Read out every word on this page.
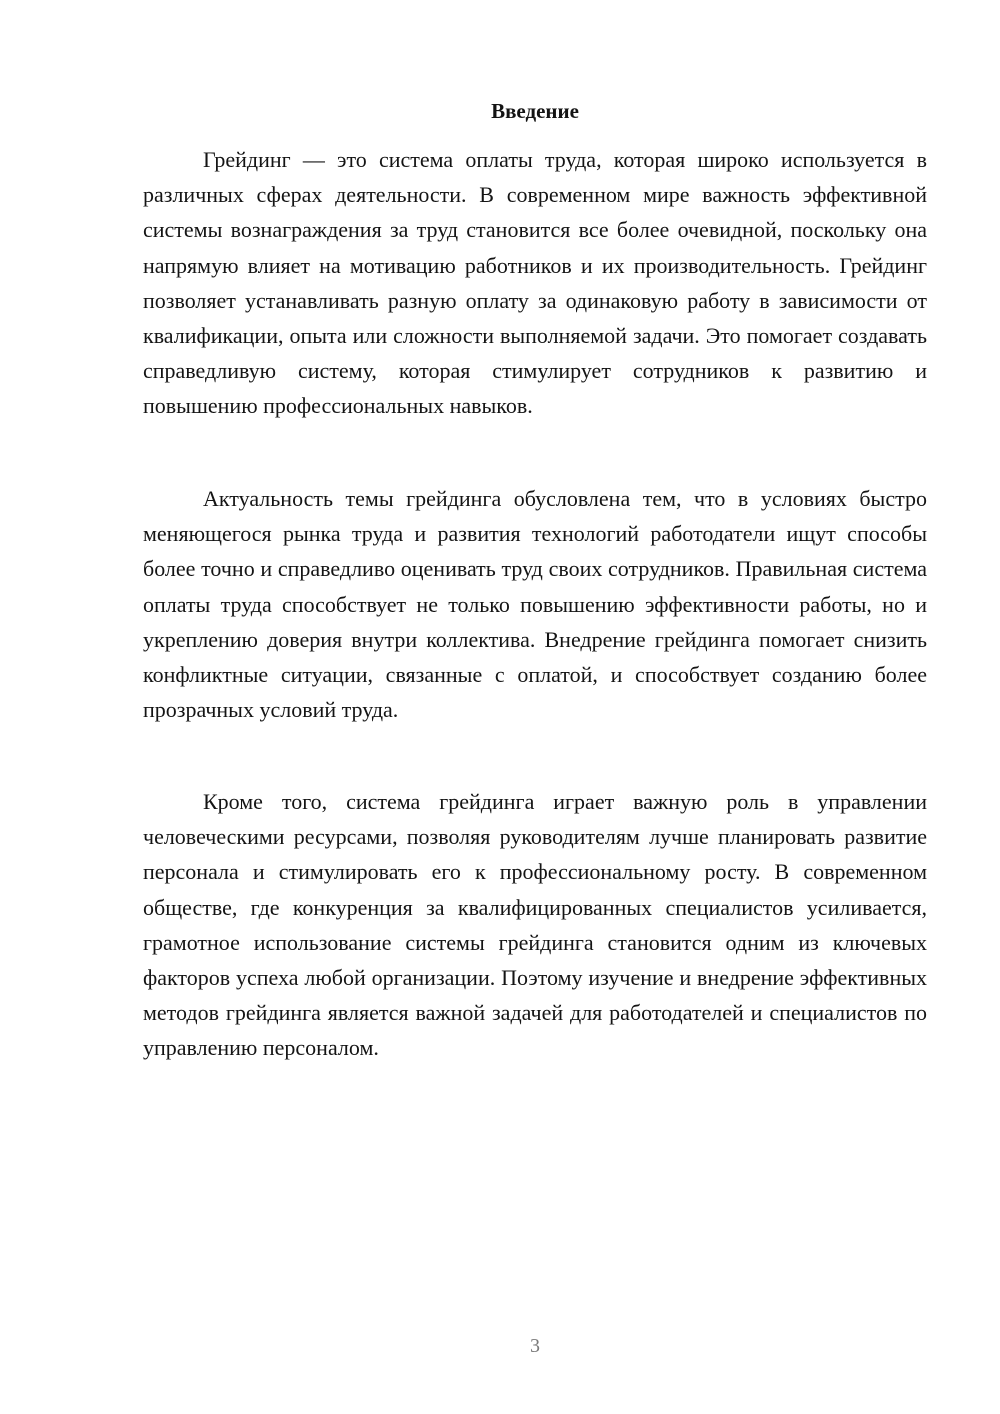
Введение

Грейдинг — это система оплаты труда, которая широко используется в различных сферах деятельности. В современном мире важность эффективной системы вознаграждения за труд становится все более очевидной, поскольку она напрямую влияет на мотивацию работников и их производительность. Грейдинг позволяет устанавливать разную оплату за одинаковую работу в зависимости от квалификации, опыта или сложности выполняемой задачи. Это помогает создавать справедливую систему, которая стимулирует сотрудников к развитию и повышению профессиональных навыков.

Актуальность темы грейдинга обусловлена тем, что в условиях быстро меняющегося рынка труда и развития технологий работодатели ищут способы более точно и справедливо оценивать труд своих сотрудников. Правильная система оплаты труда способствует не только повышению эффективности работы, но и укреплению доверия внутри коллектива. Внедрение грейдинга помогает снизить конфликтные ситуации, связанные с оплатой, и способствует созданию более прозрачных условий труда.

Кроме того, система грейдинга играет важную роль в управлении человеческими ресурсами, позволяя руководителям лучше планировать развитие персонала и стимулировать его к профессиональному росту. В современном обществе, где конкуренция за квалифицированных специалистов усиливается, грамотное использование системы грейдинга становится одним из ключевых факторов успеха любой организации. Поэтому изучение и внедрение эффективных методов грейдинга является важной задачей для работодателей и специалистов по управлению персоналом.

3
